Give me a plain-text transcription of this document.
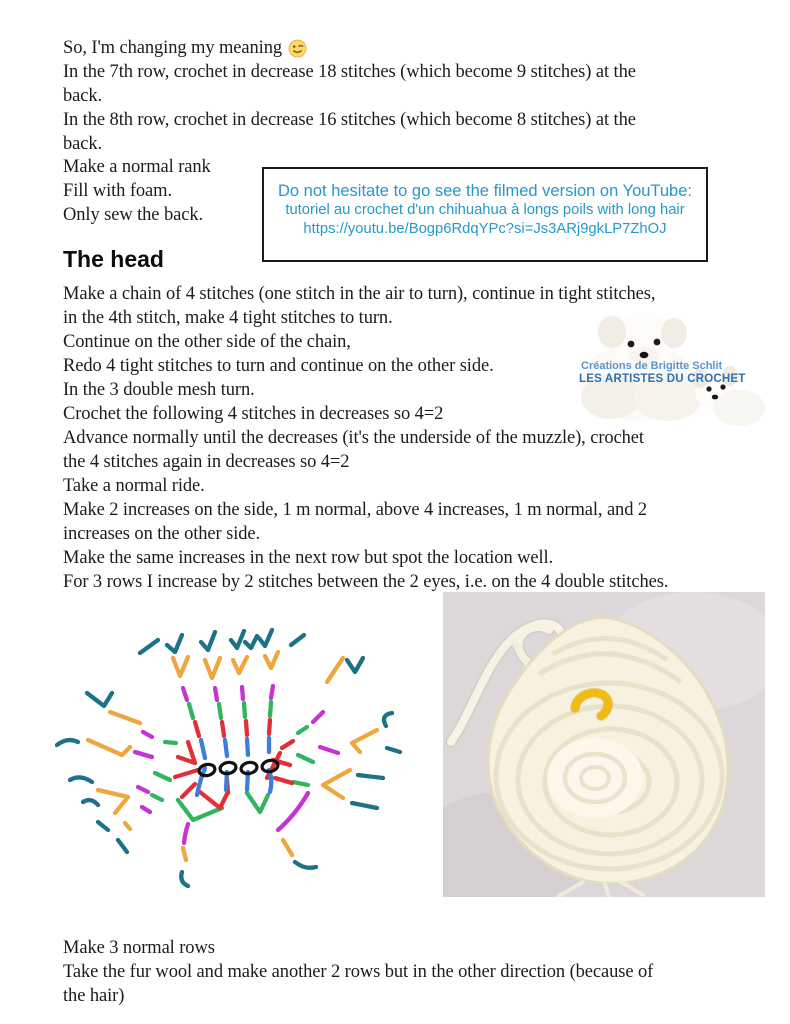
So, I'm changing my meaning
In the 7th row, crochet in decrease 18 stitches (which become 9 stitches) at the
back.
In the 8th row, crochet in decrease 16 stitches (which become 8 stitches) at the
back.
Make a normal rank
Fill with foam.
Only sew the back.
Do not hesitate to go see the filmed version on YouTube:
tutoriel au crochet d'un chihuahua à longs poils with long hair
https://youtu.be/Bogp6RdqYPc?si=Js3ARj9gkLP7ZhOJ
The head
Make a chain of 4 stitches (one stitch in the air to turn), continue in tight stitches,
in the 4th stitch, make 4 tight stitches to turn.
Continue on the other side of the chain,
Redo 4 tight stitches to turn and continue on the other side.
In the 3 double mesh turn.
Crochet the following 4 stitches in decreases so 4=2
Advance normally until the decreases (it's the underside of the muzzle), crochet
the 4 stitches again in decreases so 4=2
Take a normal ride.
Make 2 increases on the side, 1 m normal, above 4 increases, 1 m normal, and 2
increases on the other side.
Make the same increases in the next row but spot the location well.
For 3 rows I increase by 2 stitches between the 2 eyes, i.e. on the 4 double stitches.
Créations de Brigitte Schlit
LES ARTISTES DU CROCHET
Make 3 normal rows
Take the fur wool and make another 2 rows but in the other direction (because of
the hair)
